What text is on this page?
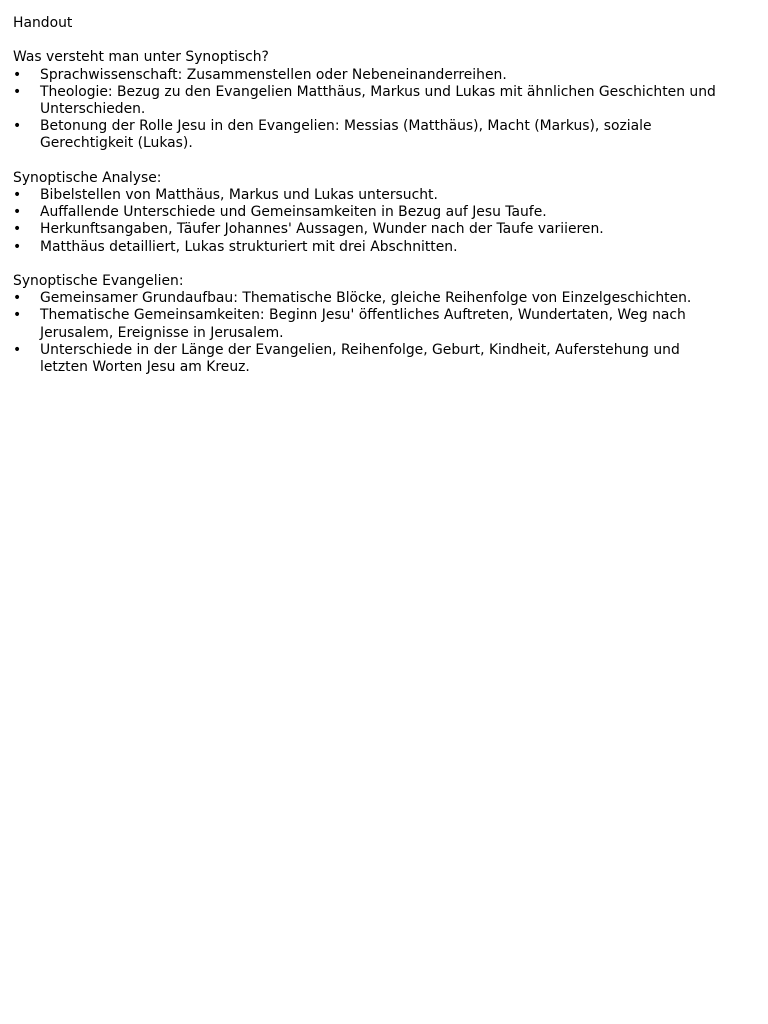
Handout

Was versteht man unter Synoptisch?

•	Sprachwissenschaft: Zusammenstellen oder Nebeneinanderreihen.
•	Theologie: Bezug zu den Evangelien Matthäus, Markus und Lukas mit ähnlichen Geschichten und Unterschieden.
•	Betonung der Rolle Jesu in den Evangelien: Messias (Matthäus), Macht (Markus), soziale Gerechtigkeit (Lukas).

Synoptische Analyse:

•	Bibelstellen von Matthäus, Markus und Lukas untersucht.
•	Auffallende Unterschiede und Gemeinsamkeiten in Bezug auf Jesu Taufe.
•	Herkunftsangaben, Täufer Johannes' Aussagen, Wunder nach der Taufe variieren.
•	Matthäus detailliert, Lukas strukturiert mit drei Abschnitten.

Synoptische Evangelien:

•	Gemeinsamer Grundaufbau: Thematische Blöcke, gleiche Reihenfolge von Einzelgeschichten.
•	Thematische Gemeinsamkeiten: Beginn Jesu' öffentliches Auftreten, Wundertaten, Weg nach Jerusalem, Ereignisse in Jerusalem.
•	Unterschiede in der Länge der Evangelien, Reihenfolge, Geburt, Kindheit, Auferstehung und letzten Worten Jesu am Kreuz.
